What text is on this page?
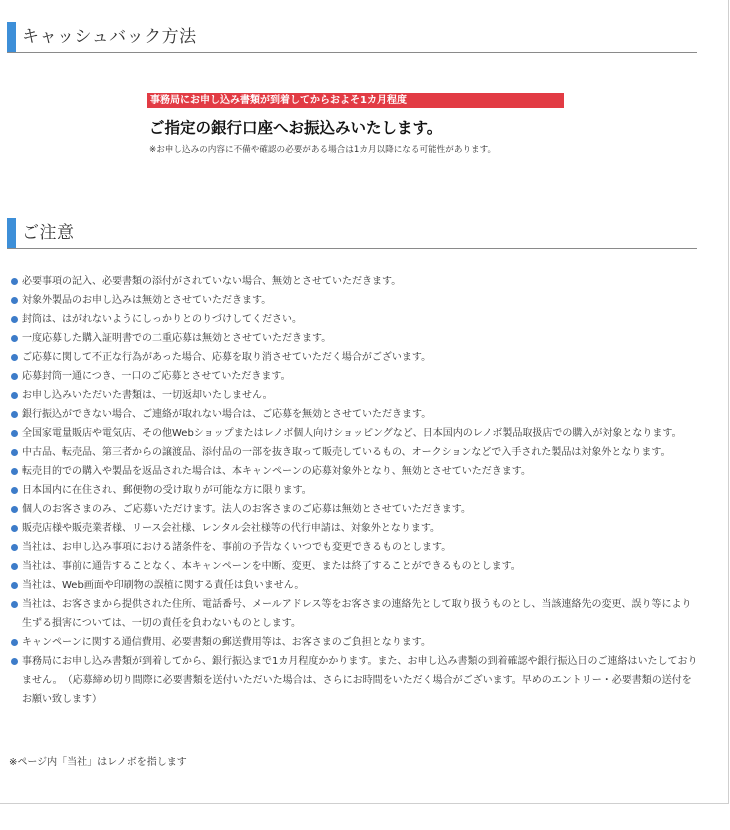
キャッシュバック方法
事務局にお申し込み書類が到着してからおよそ1カ月程度
ご指定の銀行口座へお振込みいたします。
※お申し込みの内容に不備や確認の必要がある場合は1カ月以降になる可能性があります。
ご注意
必要事項の記入、必要書類の添付がされていない場合、無効とさせていただきます。
対象外製品のお申し込みは無効とさせていただきます。
封筒は、はがれないようにしっかりとのりづけしてください。
一度応募した購入証明書での二重応募は無効とさせていただきます。
ご応募に関して不正な行為があった場合、応募を取り消させていただく場合がございます。
応募封筒一通につき、一口のご応募とさせていただきます。
お申し込みいただいた書類は、一切返却いたしません。
銀行振込ができない場合、ご連絡が取れない場合は、ご応募を無効とさせていただきます。
全国家電量販店や電気店、その他Webショップまたはレノボ個人向けショッピングなど、日本国内のレノボ製品取扱店での購入が対象となります。
中古品、転売品、第三者からの譲渡品、添付品の一部を抜き取って販売しているもの、オークションなどで入手された製品は対象外となります。
転売目的での購入や製品を返品された場合は、本キャンペーンの応募対象外となり、無効とさせていただきます。
日本国内に在住され、郵便物の受け取りが可能な方に限ります。
個人のお客さまのみ、ご応募いただけます。法人のお客さまのご応募は無効とさせていただきます。
販売店様や販売業者様、リース会社様、レンタル会社様等の代行申請は、対象外となります。
当社は、お申し込み事項における諸条件を、事前の予告なくいつでも変更できるものとします。
当社は、事前に通告することなく、本キャンペーンを中断、変更、または終了することができるものとします。
当社は、Web画面や印刷物の誤植に関する責任は負いません。
当社は、お客さまから提供された住所、電話番号、メールアドレス等をお客さまの連絡先として取り扱うものとし、当該連絡先の変更、誤り等により生ずる損害については、一切の責任を負わないものとします。
キャンペーンに関する通信費用、必要書類の郵送費用等は、お客さまのご負担となります。
事務局にお申し込み書類が到着してから、銀行振込まで1カ月程度かかります。また、お申し込み書類の到着確認や銀行振込日のご連絡はいたしておりません。　（応募締め切り間際に必要書類を送付いただいた場合は、さらにお時間をいただく場合がございます。早めのエントリー・必要書類の送付をお願い致します）
※ページ内「当社」はレノボを指します
